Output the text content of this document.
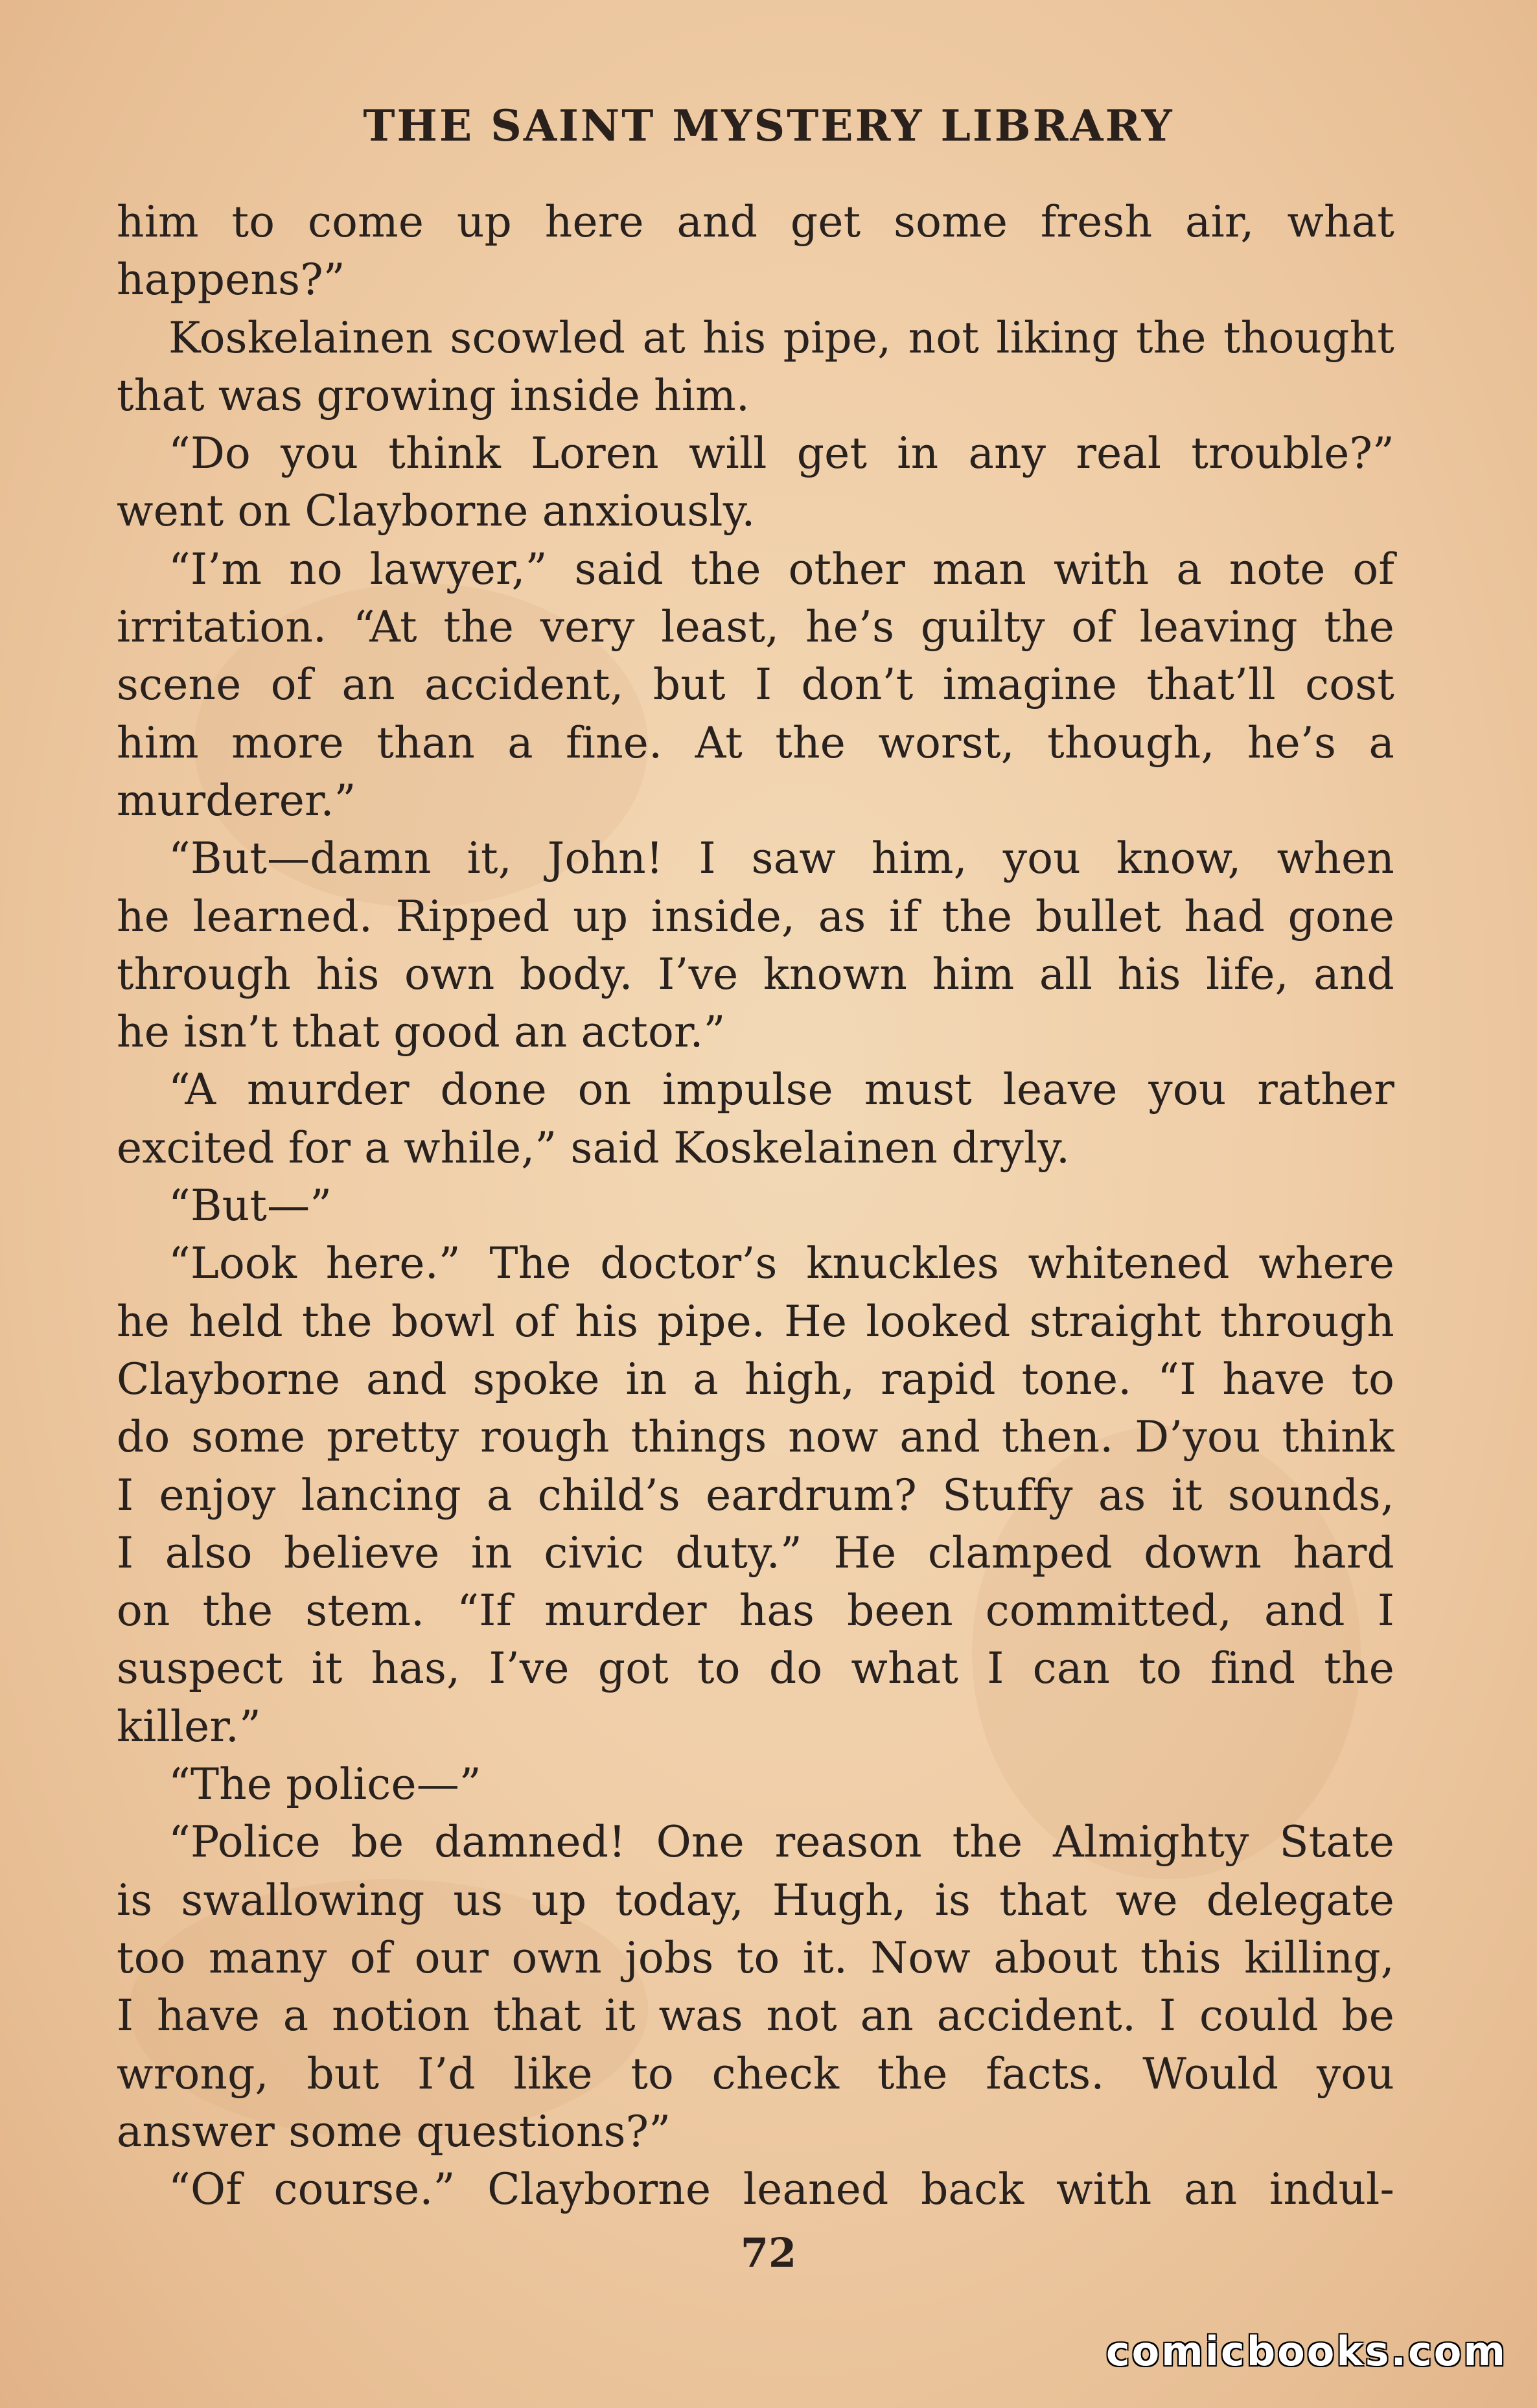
THE SAINT MYSTERY LIBRARY
him to come up here and get some fresh air, what
happens?”
Koskelainen scowled at his pipe, not liking the thought
that was growing inside him.
“Do you think Loren will get in any real trouble?”
went on Clayborne anxiously.
“I’m no lawyer,” said the other man with a note of
irritation. “At the very least, he’s guilty of leaving the
scene of an accident, but I don’t imagine that’ll cost
him more than a fine. At the worst, though, he’s a
murderer.”
“But—damn it, John! I saw him, you know, when
he learned. Ripped up inside, as if the bullet had gone
through his own body. I’ve known him all his life, and
he isn’t that good an actor.”
“A murder done on impulse must leave you rather
excited for a while,” said Koskelainen dryly.
“But—”
“Look here.” The doctor’s knuckles whitened where
he held the bowl of his pipe. He looked straight through
Clayborne and spoke in a high, rapid tone. “I have to
do some pretty rough things now and then. D’you think
I enjoy lancing a child’s eardrum? Stuffy as it sounds,
I also believe in civic duty.” He clamped down hard
on the stem. “If murder has been committed, and I
suspect it has, I’ve got to do what I can to find the
killer.”
“The police—”
“Police be damned! One reason the Almighty State
is swallowing us up today, Hugh, is that we delegate
too many of our own jobs to it. Now about this killing,
I have a notion that it was not an accident. I could be
wrong, but I’d like to check the facts. Would you
answer some questions?”
“Of course.” Clayborne leaned back with an indul-
72
comicbooks.com
